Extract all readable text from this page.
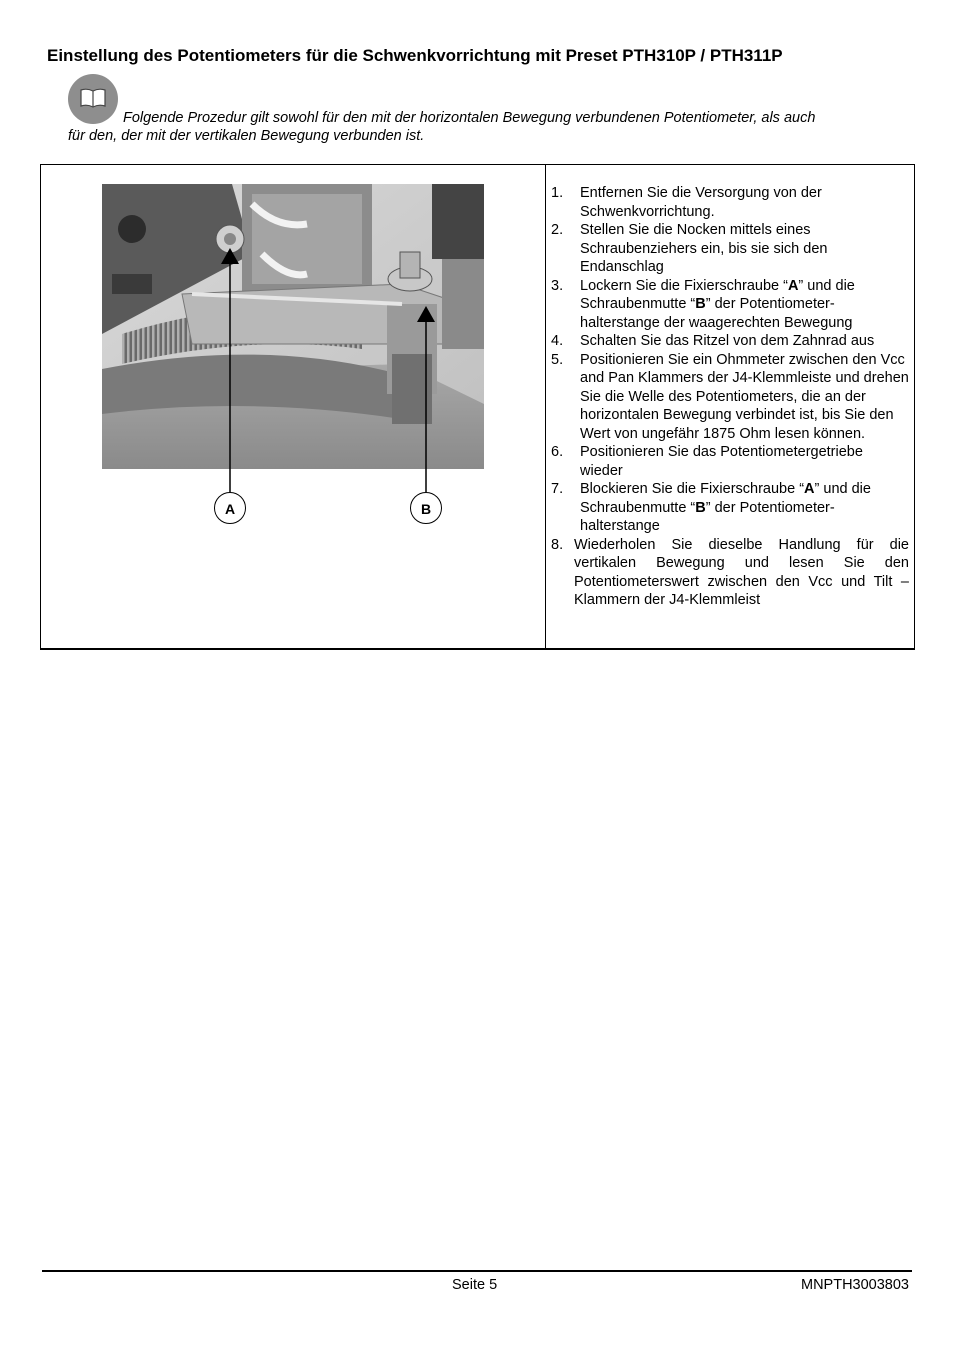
Einstellung des Potentiometers für die Schwenkvorrichtung mit Preset PTH310P / PTH311P
Folgende Prozedur gilt sowohl für den mit der horizontalen Bewegung verbundenen Potentiometer, als auch
für den, der mit der vertikalen Bewegung verbunden ist.
A	B
1.	Entfernen Sie die Versorgung von der Schwenkvorrichtung.
2.	Stellen Sie die Nocken mittels eines Schraubenziehers ein, bis sie sich den Endanschlag
3.	Lockern Sie die Fixierschraube “A” und die Schraubenmutte “B” der Potentiometer-halterstange der waagerechten Bewegung
4.	Schalten Sie das Ritzel von dem Zahnrad aus
5.	Positionieren Sie ein Ohmmeter zwischen den Vcc and Pan Klammers der J4-Klemmleiste und drehen Sie die Welle des Potentiometers, die an der horizontalen Bewegung verbindet ist, bis Sie den Wert von ungefähr 1875 Ohm lesen können.
6.	Positionieren Sie das Potentiometergetriebe wieder
7.	Blockieren Sie die Fixierschraube “A” und die Schraubenmutte “B” der Potentiometer-halterstange
8. Wiederholen Sie dieselbe Handlung für die vertikalen Bewegung und lesen Sie den Potentiometerswert zwischen den Vcc und Tilt –Klammern der J4-Klemmleist
Seite 5	MNPTH3003803
